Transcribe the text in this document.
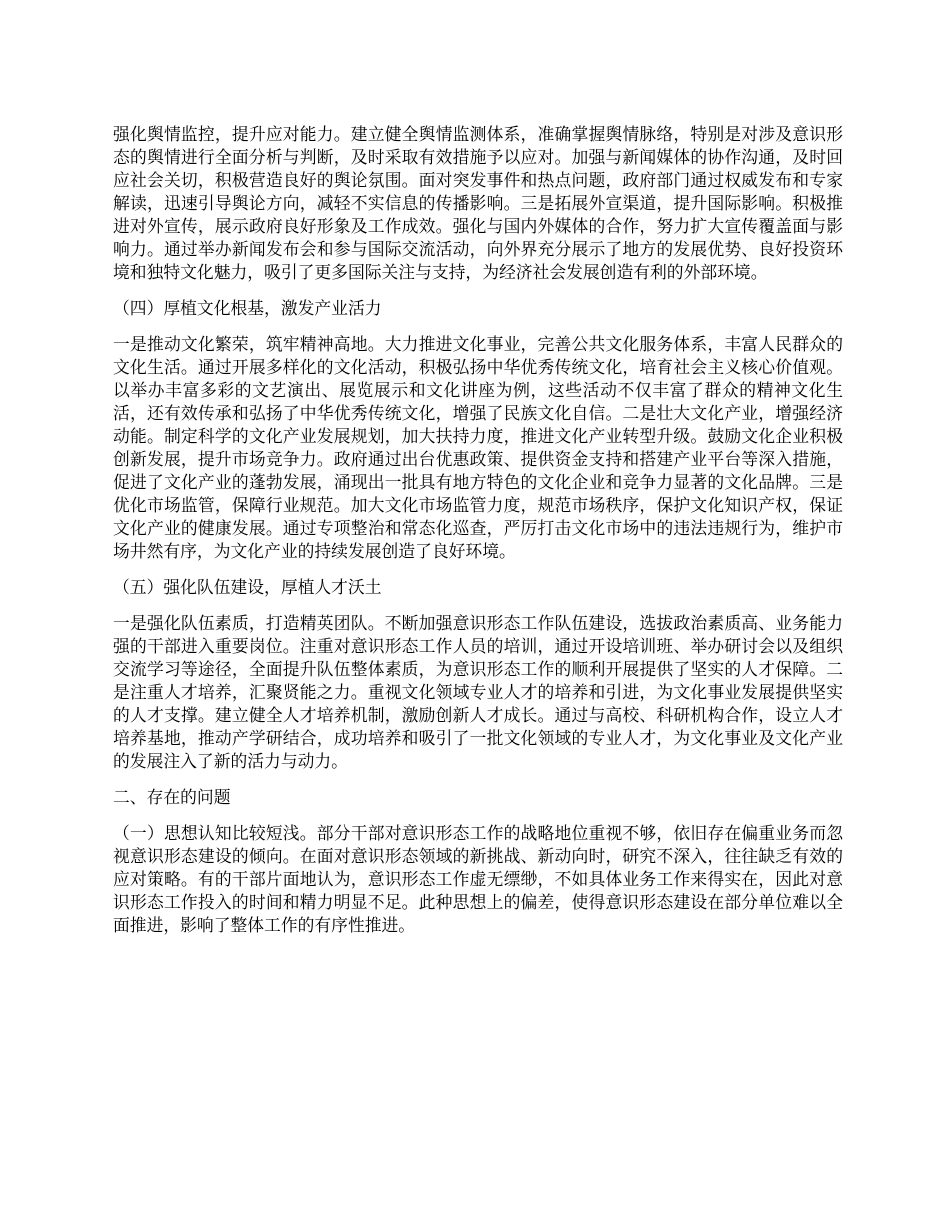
强化舆情监控，提升应对能力。建立健全舆情监测体系，准确掌握舆情脉络，特别是对涉及意识形态的舆情进行全面分析与判断，及时采取有效措施予以应对。加强与新闻媒体的协作沟通，及时回应社会关切，积极营造良好的舆论氛围。面对突发事件和热点问题，政府部门通过权威发布和专家解读，迅速引导舆论方向，减轻不实信息的传播影响。三是拓展外宣渠道，提升国际影响。积极推进对外宣传，展示政府良好形象及工作成效。强化与国内外媒体的合作，努力扩大宣传覆盖面与影响力。通过举办新闻发布会和参与国际交流活动，向外界充分展示了地方的发展优势、良好投资环境和独特文化魅力，吸引了更多国际关注与支持，为经济社会发展创造有利的外部环境。

（四）厚植文化根基，激发产业活力

一是推动文化繁荣，筑牢精神高地。大力推进文化事业，完善公共文化服务体系，丰富人民群众的文化生活。通过开展多样化的文化活动，积极弘扬中华优秀传统文化，培育社会主义核心价值观。以举办丰富多彩的文艺演出、展览展示和文化讲座为例，这些活动不仅丰富了群众的精神文化生活，还有效传承和弘扬了中华优秀传统文化，增强了民族文化自信。二是壮大文化产业，增强经济动能。制定科学的文化产业发展规划，加大扶持力度，推进文化产业转型升级。鼓励文化企业积极创新发展，提升市场竞争力。政府通过出台优惠政策、提供资金支持和搭建产业平台等深入措施，促进了文化产业的蓬勃发展，涌现出一批具有地方特色的文化企业和竞争力显著的文化品牌。三是优化市场监管，保障行业规范。加大文化市场监管力度，规范市场秩序，保护文化知识产权，保证文化产业的健康发展。通过专项整治和常态化巡查，严厉打击文化市场中的违法违规行为，维护市场井然有序，为文化产业的持续发展创造了良好环境。

（五）强化队伍建设，厚植人才沃土

一是强化队伍素质，打造精英团队。不断加强意识形态工作队伍建设，选拔政治素质高、业务能力强的干部进入重要岗位。注重对意识形态工作人员的培训，通过开设培训班、举办研讨会以及组织交流学习等途径，全面提升队伍整体素质，为意识形态工作的顺利开展提供了坚实的人才保障。二是注重人才培养，汇聚贤能之力。重视文化领域专业人才的培养和引进，为文化事业发展提供坚实的人才支撑。建立健全人才培养机制，激励创新人才成长。通过与高校、科研机构合作，设立人才培养基地，推动产学研结合，成功培养和吸引了一批文化领域的专业人才，为文化事业及文化产业的发展注入了新的活力与动力。

二、存在的问题

（一）思想认知比较短浅。部分干部对意识形态工作的战略地位重视不够，依旧存在偏重业务而忽视意识形态建设的倾向。在面对意识形态领域的新挑战、新动向时，研究不深入，往往缺乏有效的应对策略。有的干部片面地认为，意识形态工作虚无缥缈，不如具体业务工作来得实在，因此对意识形态工作投入的时间和精力明显不足。此种思想上的偏差，使得意识形态建设在部分单位难以全面推进，影响了整体工作的有序性推进。
